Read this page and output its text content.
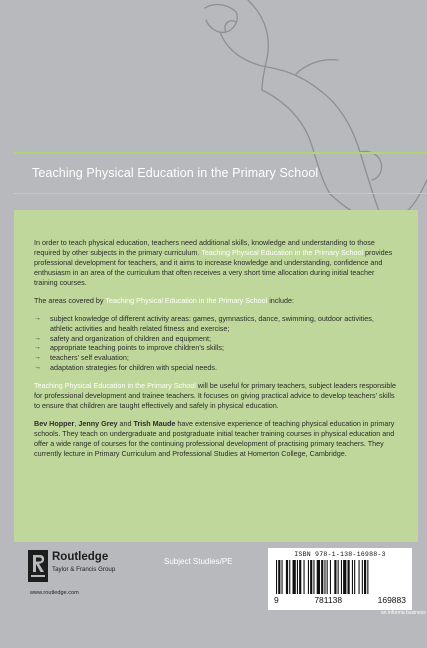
Teaching Physical Education in the Primary School

In order to teach physical education, teachers need additional skills, knowledge and understanding to those required by other subjects in the primary curriculum. Teaching Physical Education in the Primary School provides professional development for teachers, and it aims to increase knowledge and understanding, confidence and enthusiasm in an area of the curriculum that often receives a very short time allocation during initial teacher training courses.

The areas covered by Teaching Physical Education in the Primary School include:

→ subject knowledge of different activity areas: games, gymnastics, dance, swimming, outdoor activities, athletic activities and health related fitness and exercise;
→ safety and organization of children and equipment;
→ appropriate teaching points to improve children's skills;
→ teachers' self evaluation;
→ adaptation strategies for children with special needs.

Teaching Physical Education in the Primary School will be useful for primary teachers, subject leaders responsible for professional development and trainee teachers. It focuses on giving practical advice to develop teachers' skills to ensure that children are taught effectively and safely in physical education.

Bev Hopper, Jenny Grey and Trish Maude have extensive experience of teaching physical education in primary schools. They teach on undergraduate and postgraduate initial teacher training courses in physical education and offer a wide range of courses for the continuing professional development of practising primary teachers. They currently lecture in Primary Curriculum and Professional Studies at Homerton College, Cambridge.

Routledge
Taylor & Francis Group
www.routledge.com
Subject Studies/PE
ISBN 978-1-138-16988-3
9	781138	169883
an informa business
